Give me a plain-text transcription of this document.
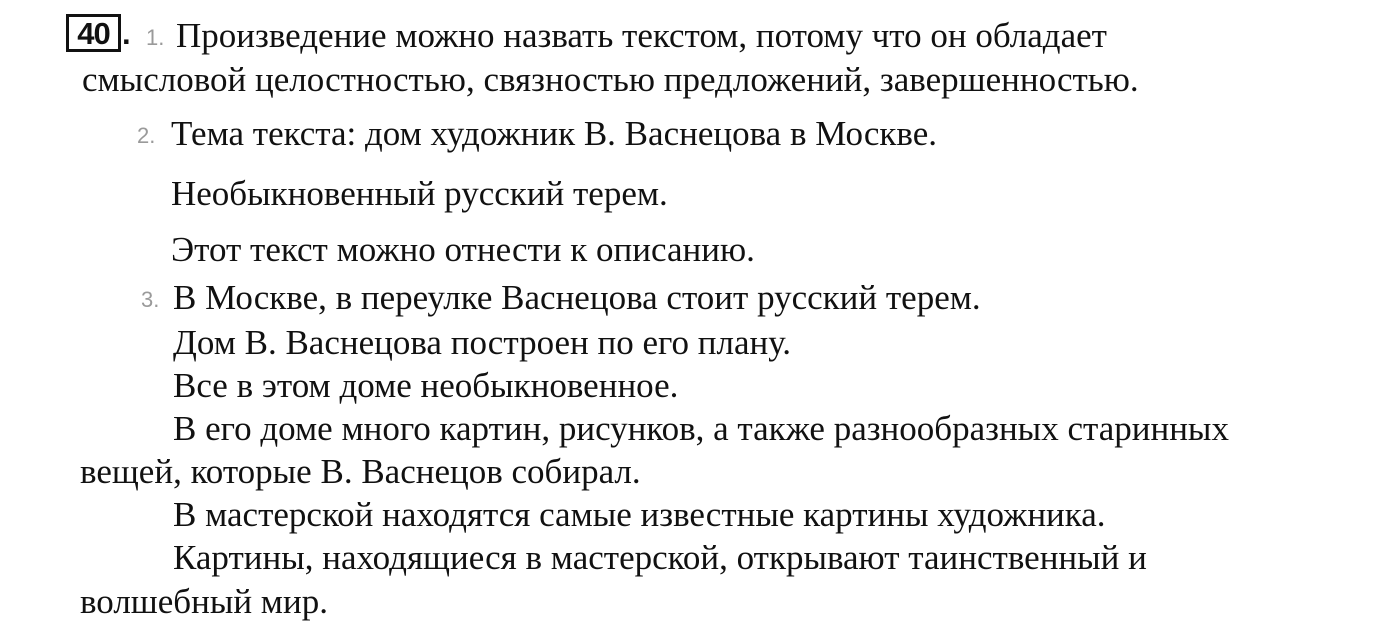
40 . 1. Произведение можно назвать текстом, потому что он обладает
смысловой целостностью, связностью предложений, завершенностью.
2. Тема текста: дом художник В. Васнецова в Москве.
Необыкновенный русский терем.
Этот текст можно отнести к описанию.
3. В Москве, в переулке Васнецова стоит русский терем.
Дом В. Васнецова построен по его плану.
Все в этом доме необыкновенное.
В его доме много картин, рисунков, а также разнообразных старинных
вещей, которые В. Васнецов собирал.
В мастерской находятся самые известные картины художника.
Картины, находящиеся в мастерской, открывают таинственный и
волшебный мир.
